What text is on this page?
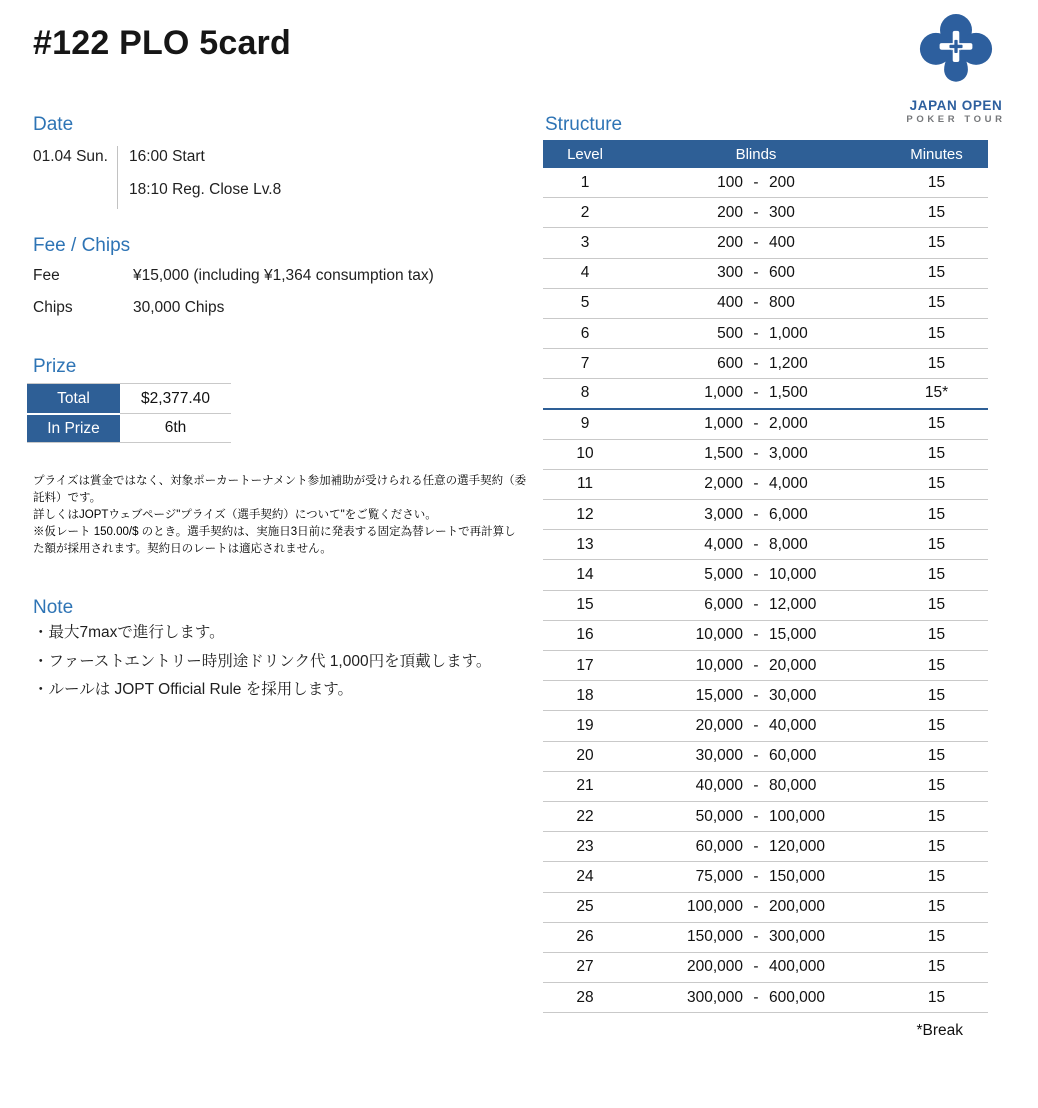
#122 PLO 5card
JAPAN OPEN
POKER TOUR
Date
01.04 Sun.	16:00 Start
18:10 Reg. Close Lv.8
Fee / Chips
Fee	¥15,000 (including ¥1,364 consumption tax)
Chips	30,000 Chips
Prize
Total	$2,377.40
In Prize	6th

プライズは賞金ではなく、対象ポーカートーナメント参加補助が受けられる任意の選手契約（委託料）です。

詳しくはJOPTウェブページ"プライズ（選手契約）について"をご覧ください。

※仮レート 150.00/$ のとき。選手契約は、実施日3日前に発表する固定為替レートで再計算した額が採用されます。契約日のレートは適応されません。

Note
・最大7maxで進行します。
・ファーストエントリー時別途ドリンク代 1,000円を頂戴します。
・ルールは JOPT Official Rule を採用します。
Structure
Level	Blinds	Minutes
1	100 - 200	15
2	200 - 300	15
3	200 - 400	15
4	300 - 600	15
5	400 - 800	15
6	500 - 1,000	15
7	600 - 1,200	15
8	1,000 - 1,500	15*
9	1,000 - 2,000	15
10	1,500 - 3,000	15
11	2,000 - 4,000	15
12	3,000 - 6,000	15
13	4,000 - 8,000	15
14	5,000 - 10,000	15
15	6,000 - 12,000	15
16	10,000 - 15,000	15
17	10,000 - 20,000	15
18	15,000 - 30,000	15
19	20,000 - 40,000	15
20	30,000 - 60,000	15
21	40,000 - 80,000	15
22	50,000 - 100,000	15
23	60,000 - 120,000	15
24	75,000 - 150,000	15
25	100,000 - 200,000	15
26	150,000 - 300,000	15
27	200,000 - 400,000	15
28	300,000 - 600,000	15
*Break
